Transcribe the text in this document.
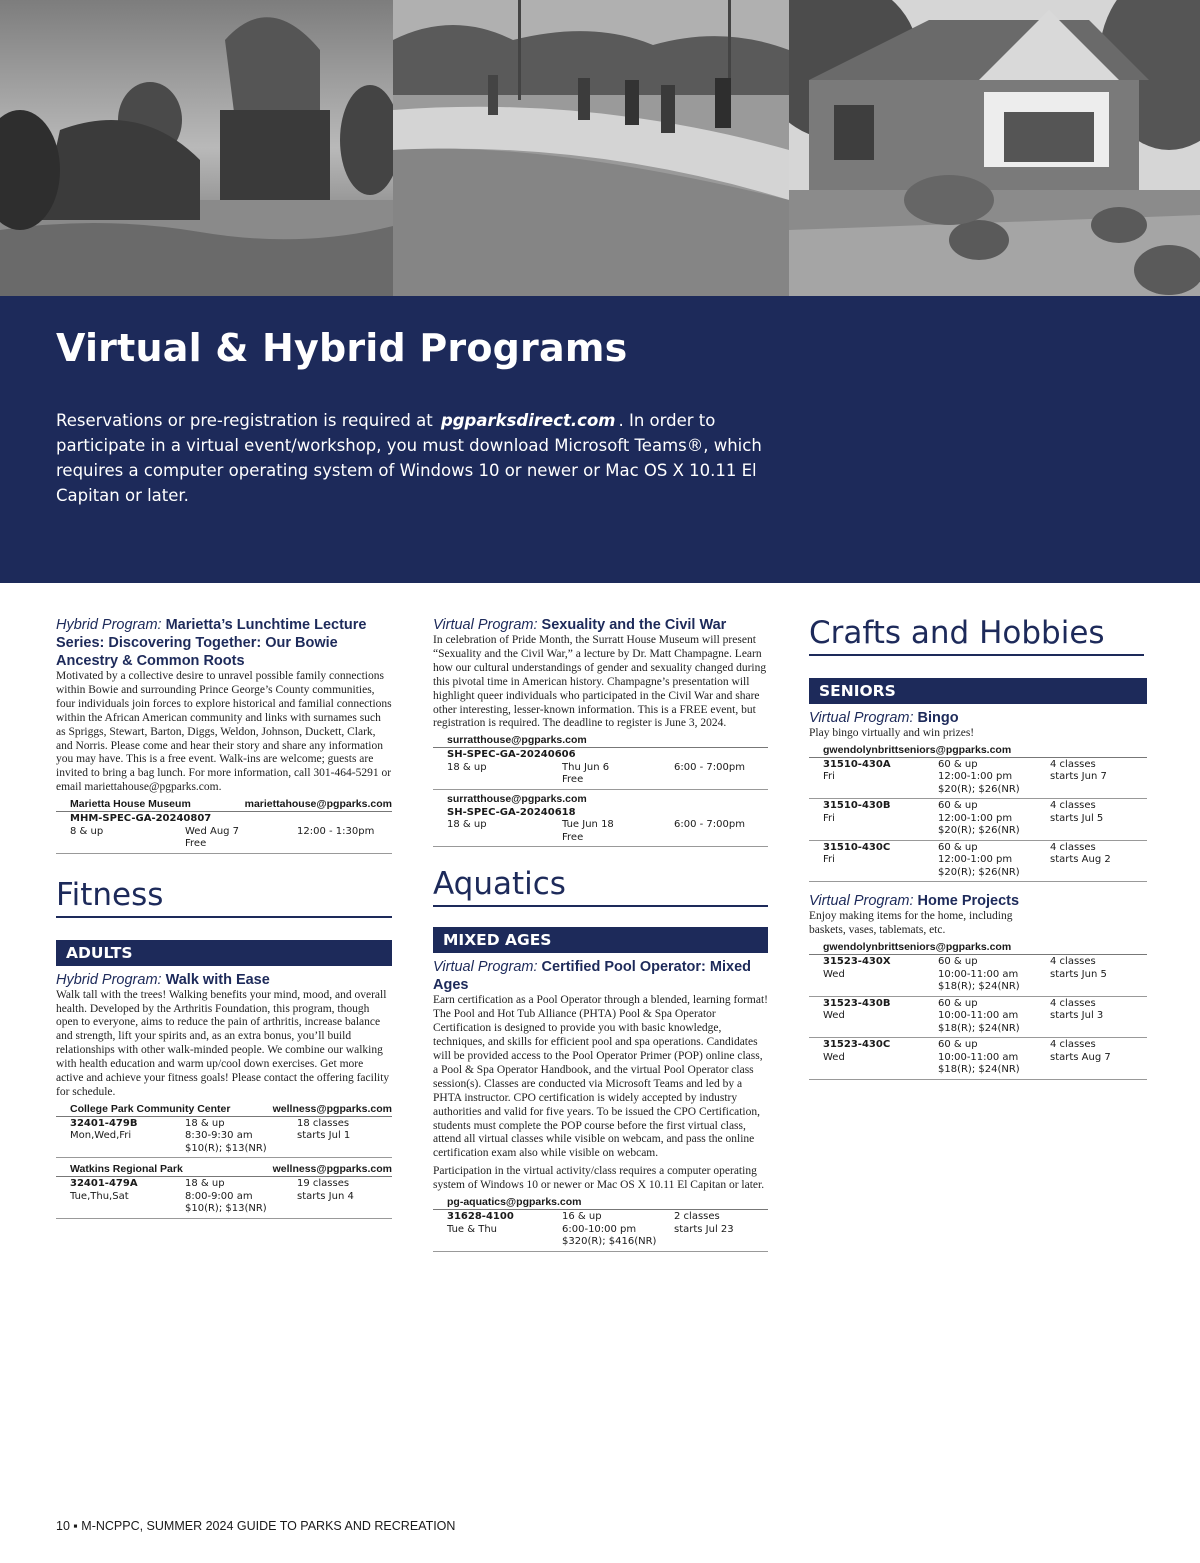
Virtual & Hybrid Programs
Reservations or pre-registration is required at pgparksdirect.com . In order to participate in a virtual event/workshop, you must download Microsoft Teams®, which requires a computer operating system of Windows 10 or newer or Mac OS X 10.11 El Capitan or later.
Hybrid Program: Marietta’s Lunchtime Lecture Series: Discovering Together: Our Bowie Ancestry & Common Roots

Motivated by a collective desire to unravel possible family connections within Bowie and surrounding Prince George’s County communities, four individuals join forces to explore historical and familial connections within the African American community and links with surnames such as Spriggs, Stewart, Barton, Diggs, Weldon, Johnson, Duckett, Clark, and Norris. Please come and hear their story and share any information you may have. This is a free event. Walk-ins are welcome; guests are invited to bring a bag lunch. For more information, call 301-464-5291 or email mariettahouse@pgparks.com.

Marietta House Museum	mariettahouse@pgparks.com
MHM-SPEC-GA-20240807
8 & up	Wed Aug 7	12:00 - 1:30pm
Free
Fitness
ADULTS
Hybrid Program: Walk with Ease

Walk tall with the trees! Walking benefits your mind, mood, and overall health. Developed by the Arthritis Foundation, this program, though open to everyone, aims to reduce the pain of arthritis, increase balance and strength, lift your spirits and, as an extra bonus, you’ll build relationships with other walk-minded people. We combine our walking with health education and warm up/cool down exercises. Get more active and achieve your fitness goals! Please contact the offering facility for schedule.

College Park Community Center	wellness@pgparks.com
32401-479B	18 & up	18 classes
Mon,Wed,Fri	8:30-9:30 am	starts Jul 1
$10(R); $13(NR)
Watkins Regional Park	wellness@pgparks.com
32401-479A	18 & up	19 classes
Tue,Thu,Sat	8:00-9:00 am	starts Jun 4
$10(R); $13(NR)
Virtual Program: Sexuality and the Civil War

In celebration of Pride Month, the Surratt House Museum will present “Sexuality and the Civil War,” a lecture by Dr. Matt Champagne. Learn how our cultural understandings of gender and sexuality changed during this pivotal time in American history. Champagne’s presentation will highlight queer individuals who participated in the Civil War and share other interesting, lesser-known information. This is a FREE event, but registration is required. The deadline to register is June 3, 2024.

surratthouse@pgparks.com
SH-SPEC-GA-20240606
18 & up	Thu Jun 6	6:00 - 7:00pm
Free
surratthouse@pgparks.com
SH-SPEC-GA-20240618
18 & up	Tue Jun 18	6:00 - 7:00pm
Free
Aquatics
MIXED AGES
Virtual Program: Certified Pool Operator: Mixed Ages

Earn certification as a Pool Operator through a blended, learning format! The Pool and Hot Tub Alliance (PHTA) Pool & Spa Operator Certification is designed to provide you with basic knowledge, techniques, and skills for efficient pool and spa operations. Candidates will be provided access to the Pool Operator Primer (POP) online class, a Pool & Spa Operator Handbook, and the virtual Pool Operator class session(s). Classes are conducted via Microsoft Teams and led by a PHTA instructor. CPO certification is widely accepted by industry authorities and valid for five years. To be issued the CPO Certification, students must complete the POP course before the first virtual class, attend all virtual classes while visible on webcam, and pass the online certification exam also while visible on webcam.

Participation in the virtual activity/class requires a computer operating system of Windows 10 or newer or Mac OS X 10.11 El Capitan or later.

pg-aquatics@pgparks.com
31628-4100	16 & up	2 classes
Tue & Thu	6:00-10:00 pm	starts Jul 23
$320(R); $416(NR)
Crafts and Hobbies
SENIORS
Virtual Program: Bingo

Play bingo virtually and win prizes!

gwendolynbrittseniors@pgparks.com
31510-430A	60 & up	4 classes
Fri	12:00-1:00 pm	starts Jun 7
$20(R); $26(NR)
31510-430B	60 & up	4 classes
Fri	12:00-1:00 pm	starts Jul 5
$20(R); $26(NR)
31510-430C	60 & up	4 classes
Fri	12:00-1:00 pm	starts Aug 2
$20(R); $26(NR)
Virtual Program: Home Projects

Enjoy making items for the home, including baskets, vases, tablemats, etc.

gwendolynbrittseniors@pgparks.com
31523-430X	60 & up	4 classes
Wed	10:00-11:00 am	starts Jun 5
$18(R); $24(NR)
31523-430B	60 & up	4 classes
Wed	10:00-11:00 am	starts Jul 3
$18(R); $24(NR)
31523-430C	60 & up	4 classes
Wed	10:00-11:00 am	starts Aug 7
$18(R); $24(NR)
10 ▪ M-NCPPC, SUMMER 2024 GUIDE TO PARKS AND RECREATION
